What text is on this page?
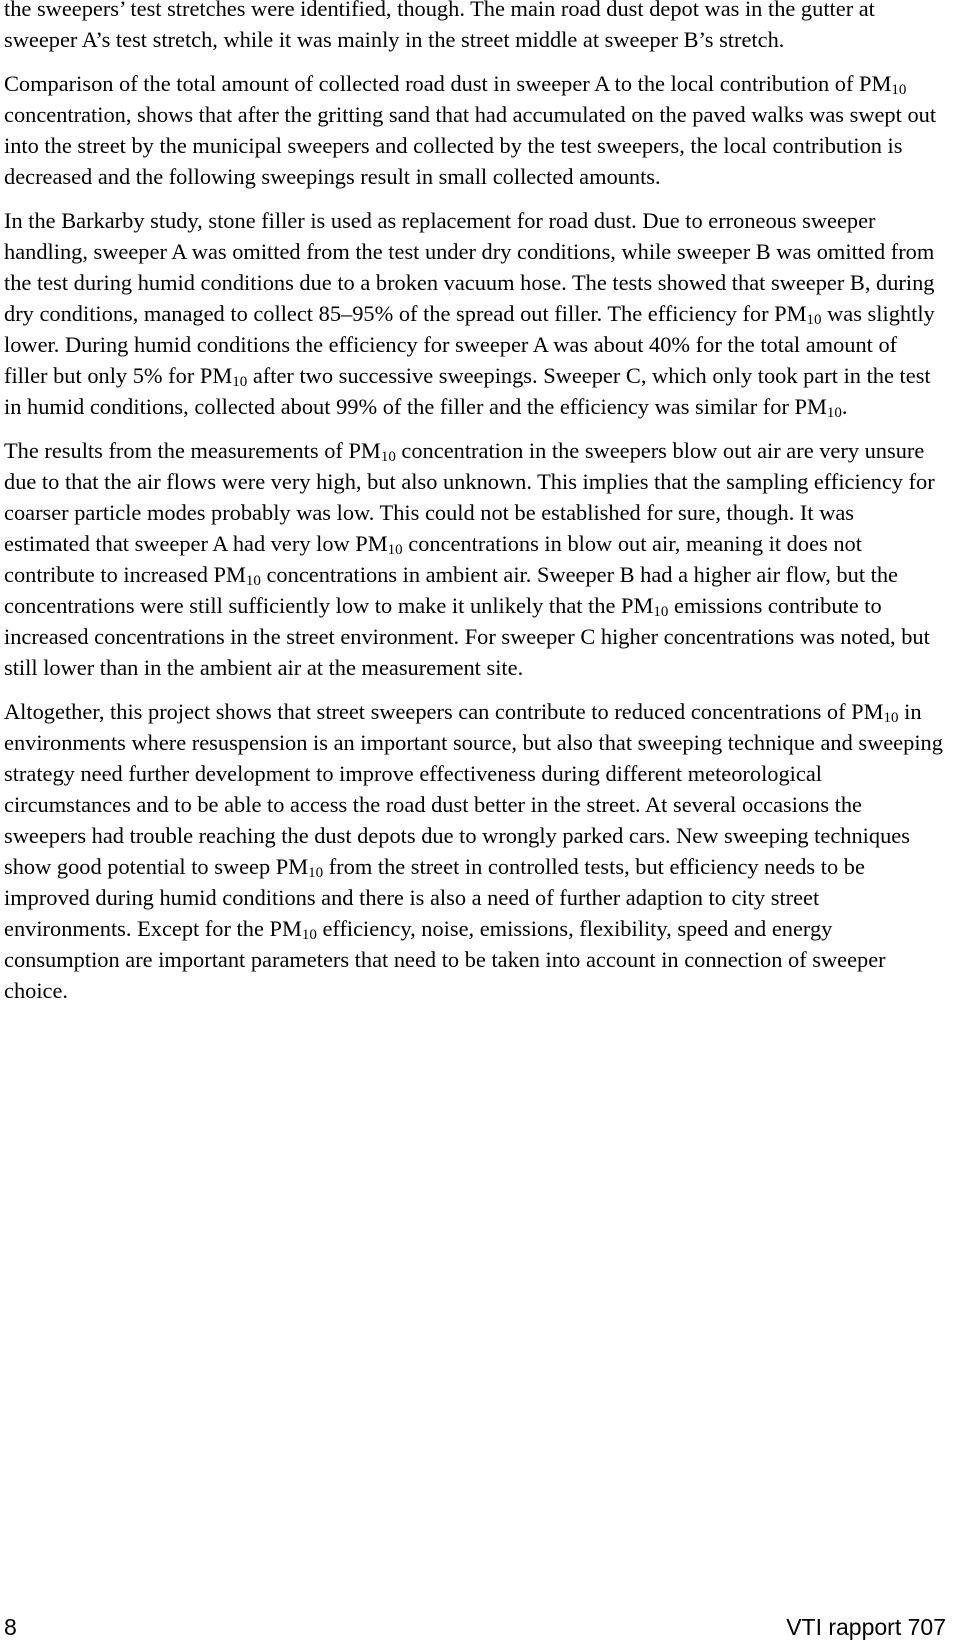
the sweepers’ test stretches were identified, though. The main road dust depot was in the gutter at sweeper A’s test stretch, while it was mainly in the street middle at sweeper B’s stretch.

Comparison of the total amount of collected road dust in sweeper A to the local contribution of $PM_{10}$ concentration, shows that after the gritting sand that had accumulated on the paved walks was swept out into the street by the municipal sweepers and collected by the test sweepers, the local contribution is decreased and the following sweepings result in small collected amounts.

In the Barkarby study, stone filler is used as replacement for road dust. Due to erroneous sweeper handling, sweeper A was omitted from the test under dry conditions, while sweeper B was omitted from the test during humid conditions due to a broken vacuum hose. The tests showed that sweeper B, during dry conditions, managed to collect 85–95% of the spread out filler. The efficiency for $PM_{10}$ was slightly lower. During humid conditions the efficiency for sweeper A was about 40% for the total amount of filler but only 5% for $PM_{10}$ after two successive sweepings. Sweeper C, which only took part in the test in humid conditions, collected about 99% of the filler and the efficiency was similar for $PM_{10}$.

The results from the measurements of $PM_{10}$ concentration in the sweepers blow out air are very unsure due to that the air flows were very high, but also unknown. This implies that the sampling efficiency for coarser particle modes probably was low. This could not be established for sure, though. It was estimated that sweeper A had very low $PM_{10}$ concentrations in blow out air, meaning it does not contribute to increased $PM_{10}$ concentrations in ambient air. Sweeper B had a higher air flow, but the concentrations were still sufficiently low to make it unlikely that the $PM_{10}$ emissions contribute to increased concentrations in the street environment. For sweeper C higher concentrations was noted, but still lower than in the ambient air at the measurement site.

Altogether, this project shows that street sweepers can contribute to reduced concentrations of $PM_{10}$ in environments where resuspension is an important source, but also that sweeping technique and sweeping strategy need further development to improve effectiveness during different meteorological circumstances and to be able to access the road dust better in the street. At several occasions the sweepers had trouble reaching the dust depots due to wrongly parked cars. New sweeping techniques show good potential to sweep $PM_{10}$ from the street in controlled tests, but efficiency needs to be improved during humid conditions and there is also a need of further adaption to city street environments. Except for the $PM_{10}$ efficiency, noise, emissions, flexibility, speed and energy consumption are important parameters that need to be taken into account in connection of sweeper choice.

8	VTI rapport 707
